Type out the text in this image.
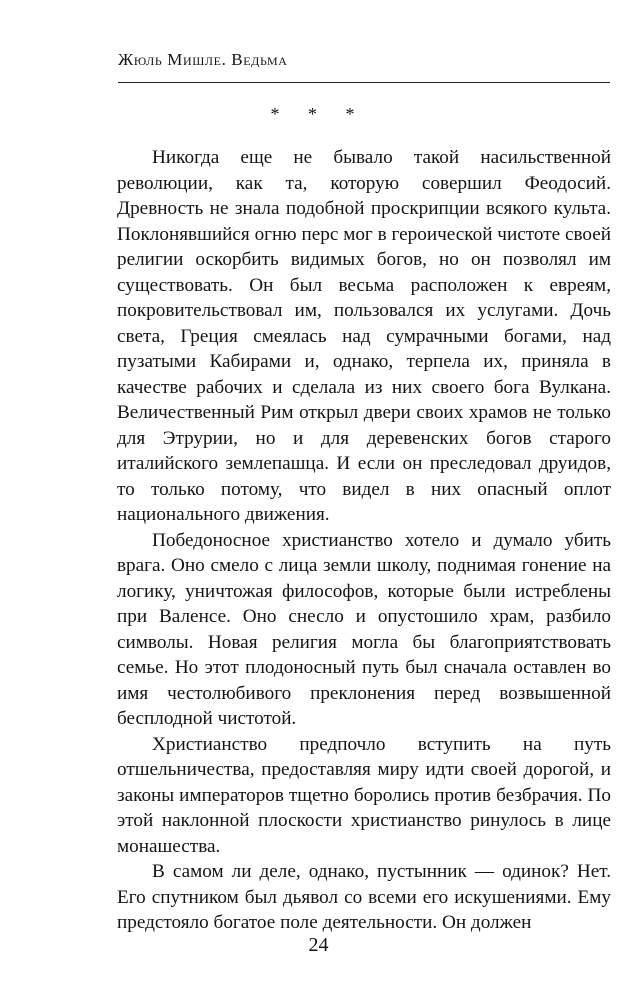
Жюль Мишле. Ведьма
* * *

Никогда еще не бывало такой насильственной революции, как та, которую совершил Феодосий. Древность не знала подобной проскрипции всякого культа. Поклонявшийся огню перс мог в героической чистоте своей религии оскорбить видимых богов, но он позволял им существовать. Он был весьма расположен к евреям, покровительствовал им, пользовался их услугами. Дочь света, Греция смеялась над сумрачными богами, над пузатыми Кабирами и, однако, терпела их, приняла в качестве рабочих и сделала из них своего бога Вулкана. Величественный Рим открыл двери своих храмов не только для Этрурии, но и для деревенских богов старого италийского землепашца. И если он преследовал друидов, то только потому, что видел в них опасный оплот национального движения.

Победоносное христианство хотело и думало убить врага. Оно смело с лица земли школу, поднимая гонение на логику, уничтожая философов, которые были истреблены при Валенсе. Оно снесло и опустошило храм, разбило символы. Новая религия могла бы благоприятствовать семье. Но этот плодоносный путь был сначала оставлен во имя честолюбивого преклонения перед возвышенной бесплодной чистотой.

Христианство предпочло вступить на путь отшельничества, предоставляя миру идти своей дорогой, и законы императоров тщетно боролись против безбрачия. По этой наклонной плоскости христианство ринулось в лице монашества.

В самом ли деле, однако, пустынник — одинок? Нет. Его спутником был дьявол со всеми его искушениями. Ему предстояло богатое поле деятельности. Он должен

24
